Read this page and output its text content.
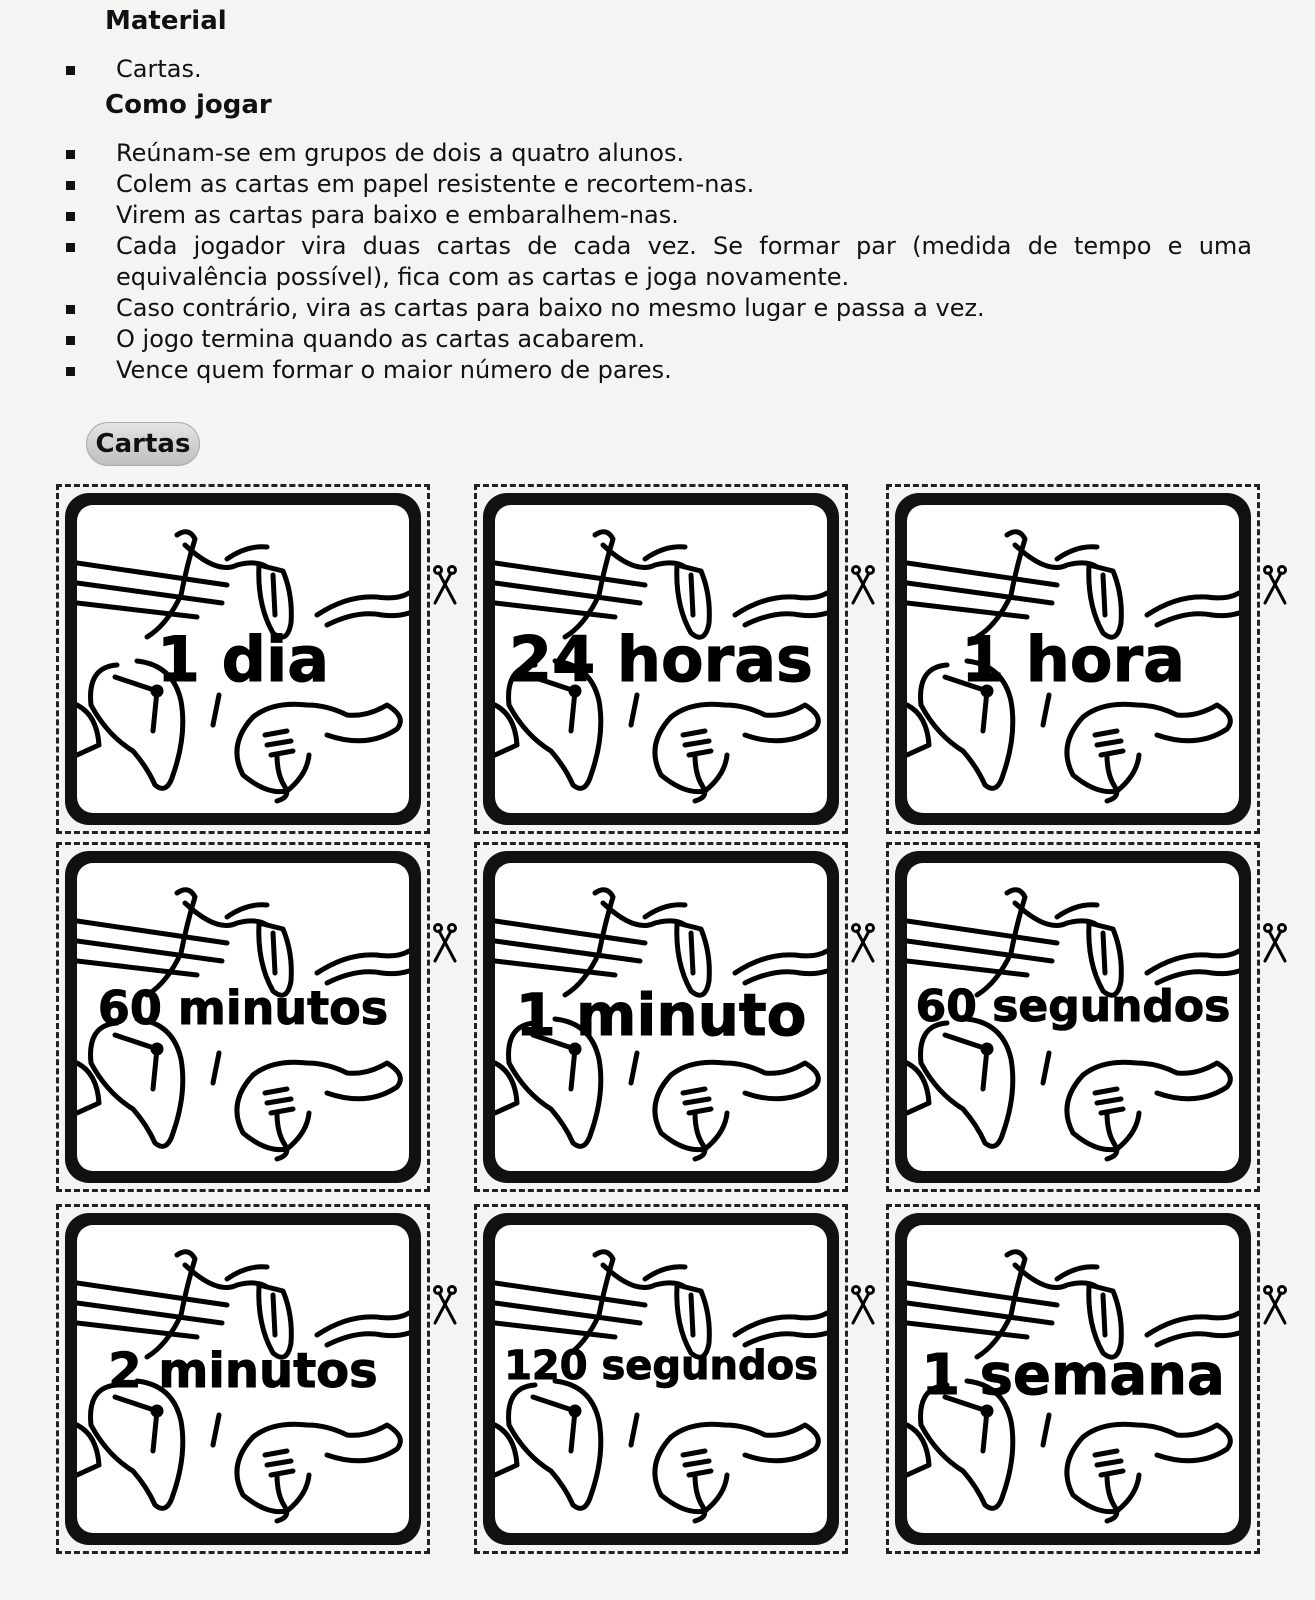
Material
Cartas.
Como jogar
Reúnam-se em grupos de dois a quatro alunos.
Colem as cartas em papel resistente e recortem-nas.
Virem as cartas para baixo e embaralhem-nas.
Cada jogador vira duas cartas de cada vez. Se formar par (medida de tempo e uma equivalência possível), fica com as cartas e joga novamente.
Caso contrário, vira as cartas para baixo no mesmo lugar e passa a vez.
O jogo termina quando as cartas acabarem.
Vence quem formar o maior número de pares.
Cartas
1 dia	24 horas	1 hora
60 minutos	1 minuto	60 segundos
2 minutos	120 segundos 1 semana
